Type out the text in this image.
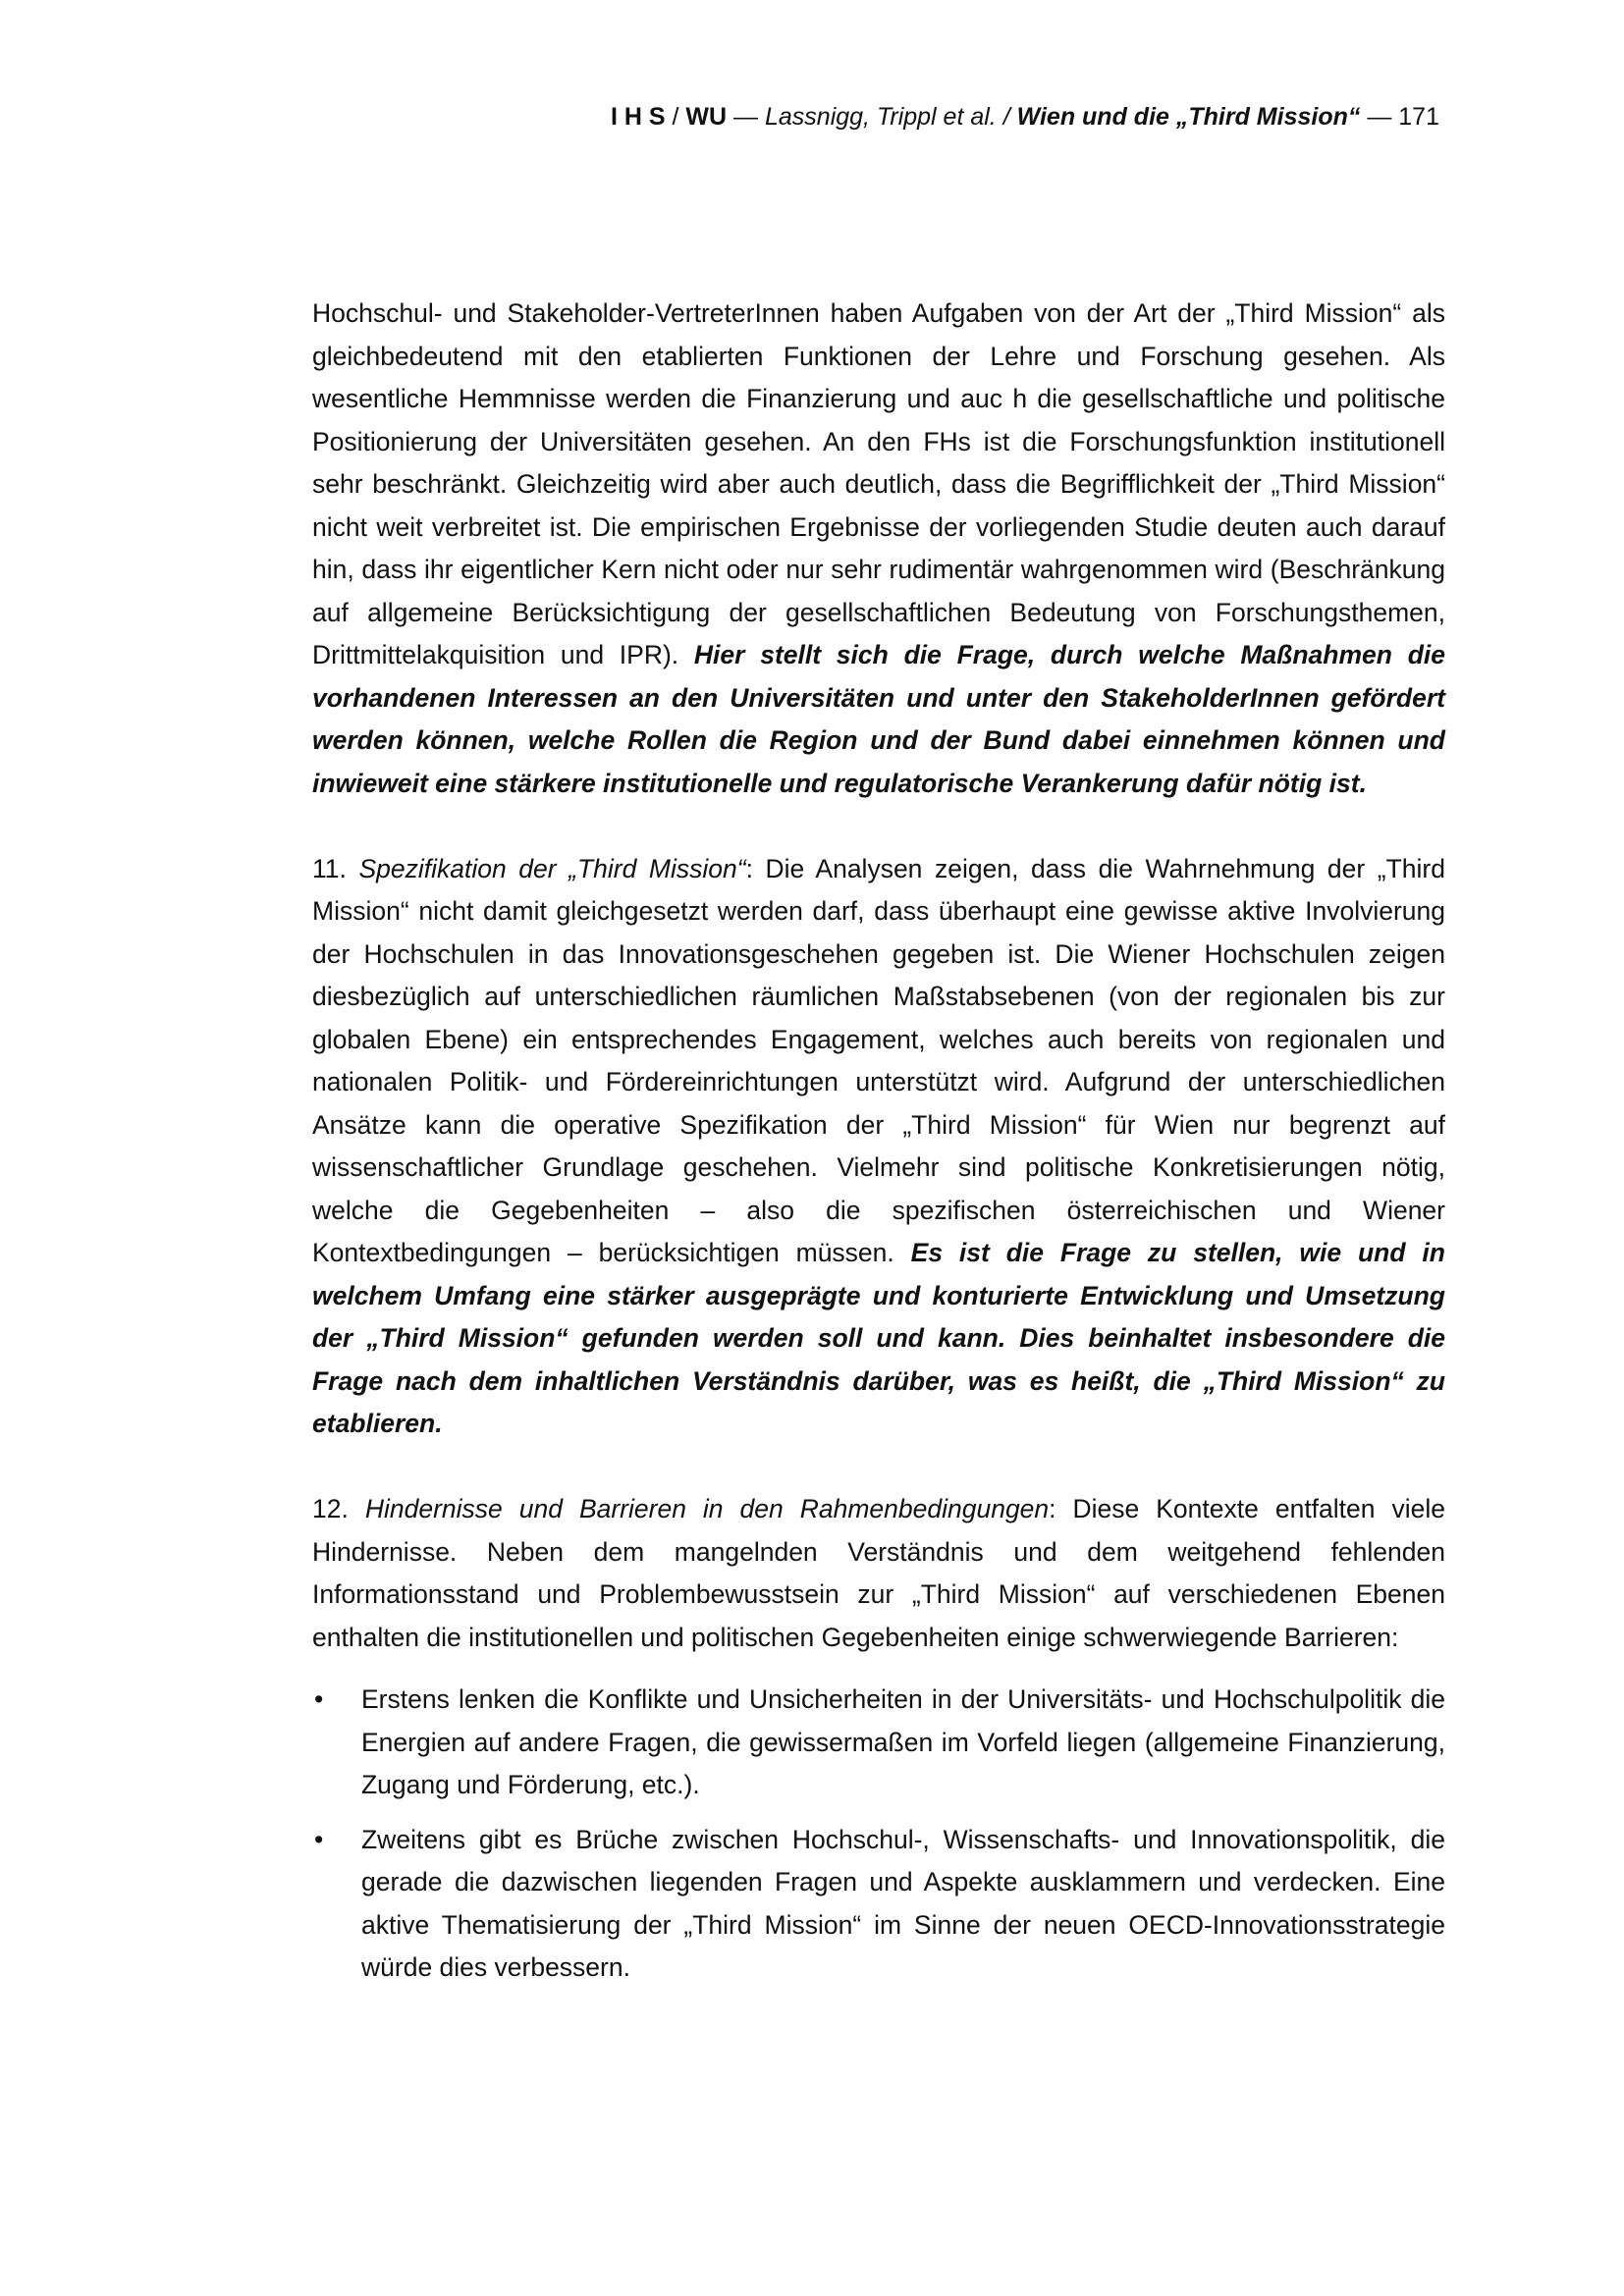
I H S / WU — Lassnigg, Trippl et al. / Wien und die „Third Mission“ — 171

Hochschul- und Stakeholder-VertreterInnen haben Aufgaben von der Art der „Third Mission“ als gleichbedeutend mit den etablierten Funktionen der Lehre und Forschung gesehen. Als wesentliche Hemmnisse werden die Finanzierung und auc h die gesellschaftliche und politische Positionierung der Universitäten gesehen. An den FHs ist die Forschungsfunktion institutionell sehr beschränkt. Gleichzeitig wird aber auch deutlich, dass die Begrifflichkeit der „Third Mission“ nicht weit verbreitet ist. Die empirischen Ergebnisse der vorliegenden Studie deuten auch darauf hin, dass ihr eigentlicher Kern nicht oder nur sehr rudimentär wahrgenommen wird (Beschränkung auf allgemeine Berücksichtigung der gesellschaftlichen Bedeutung von Forschungsthemen, Drittmittelakquisition und IPR). Hier stellt sich die Frage, durch welche Maßnahmen die vorhandenen Interessen an den Universitäten und unter den StakeholderInnen gefördert werden können, welche Rollen die Region und der Bund dabei einnehmen können und inwieweit eine stärkere institutionelle und regulatorische Verankerung dafür nötig ist.

11. Spezifikation der „Third Mission“: Die Analysen zeigen, dass die Wahrnehmung der „Third Mission“ nicht damit gleichgesetzt werden darf, dass überhaupt eine gewisse aktive Involvierung der Hochschulen in das Innovationsgeschehen gegeben ist. Die Wiener Hochschulen zeigen diesbezüglich auf unterschiedlichen räumlichen Maßstabsebenen (von der regionalen bis zur globalen Ebene) ein entsprechendes Engagement, welches auch bereits von regionalen und nationalen Politik- und Fördereinrichtungen unterstützt wird. Aufgrund der unterschiedlichen Ansätze kann die operative Spezifikation der „Third Mission“ für Wien nur begrenzt auf wissenschaftlicher Grundlage geschehen. Vielmehr sind politische Konkretisierungen nötig, welche die Gegebenheiten – also die spezifischen österreichischen und Wiener Kontextbedingungen – berücksichtigen müssen. Es ist die Frage zu stellen, wie und in welchem Umfang eine stärker ausgeprägte und konturierte Entwicklung und Umsetzung der „Third Mission“ gefunden werden soll und kann. Dies beinhaltet insbesondere die Frage nach dem inhaltlichen Verständnis darüber, was es heißt, die „Third Mission“ zu etablieren.

12. Hindernisse und Barrieren in den Rahmenbedingungen: Diese Kontexte entfalten viele Hindernisse. Neben dem mangelnden Verständnis und dem weitgehend fehlenden Informationsstand und Problembewusstsein zur „Third Mission“ auf verschiedenen Ebenen enthalten die institutionellen und politischen Gegebenheiten einige schwerwiegende Barrieren:

• Erstens lenken die Konflikte und Unsicherheiten in der Universitäts- und Hochschulpolitik die Energien auf andere Fragen, die gewissermaßen im Vorfeld liegen (allgemeine Finanzierung, Zugang und Förderung, etc.).
• Zweitens gibt es Brüche zwischen Hochschul-, Wissenschafts- und Innovationspolitik, die gerade die dazwischen liegenden Fragen und Aspekte ausklammern und verdecken. Eine aktive Thematisierung der „Third Mission“ im Sinne der neuen OECD-Innovationsstrategie würde dies verbessern.
